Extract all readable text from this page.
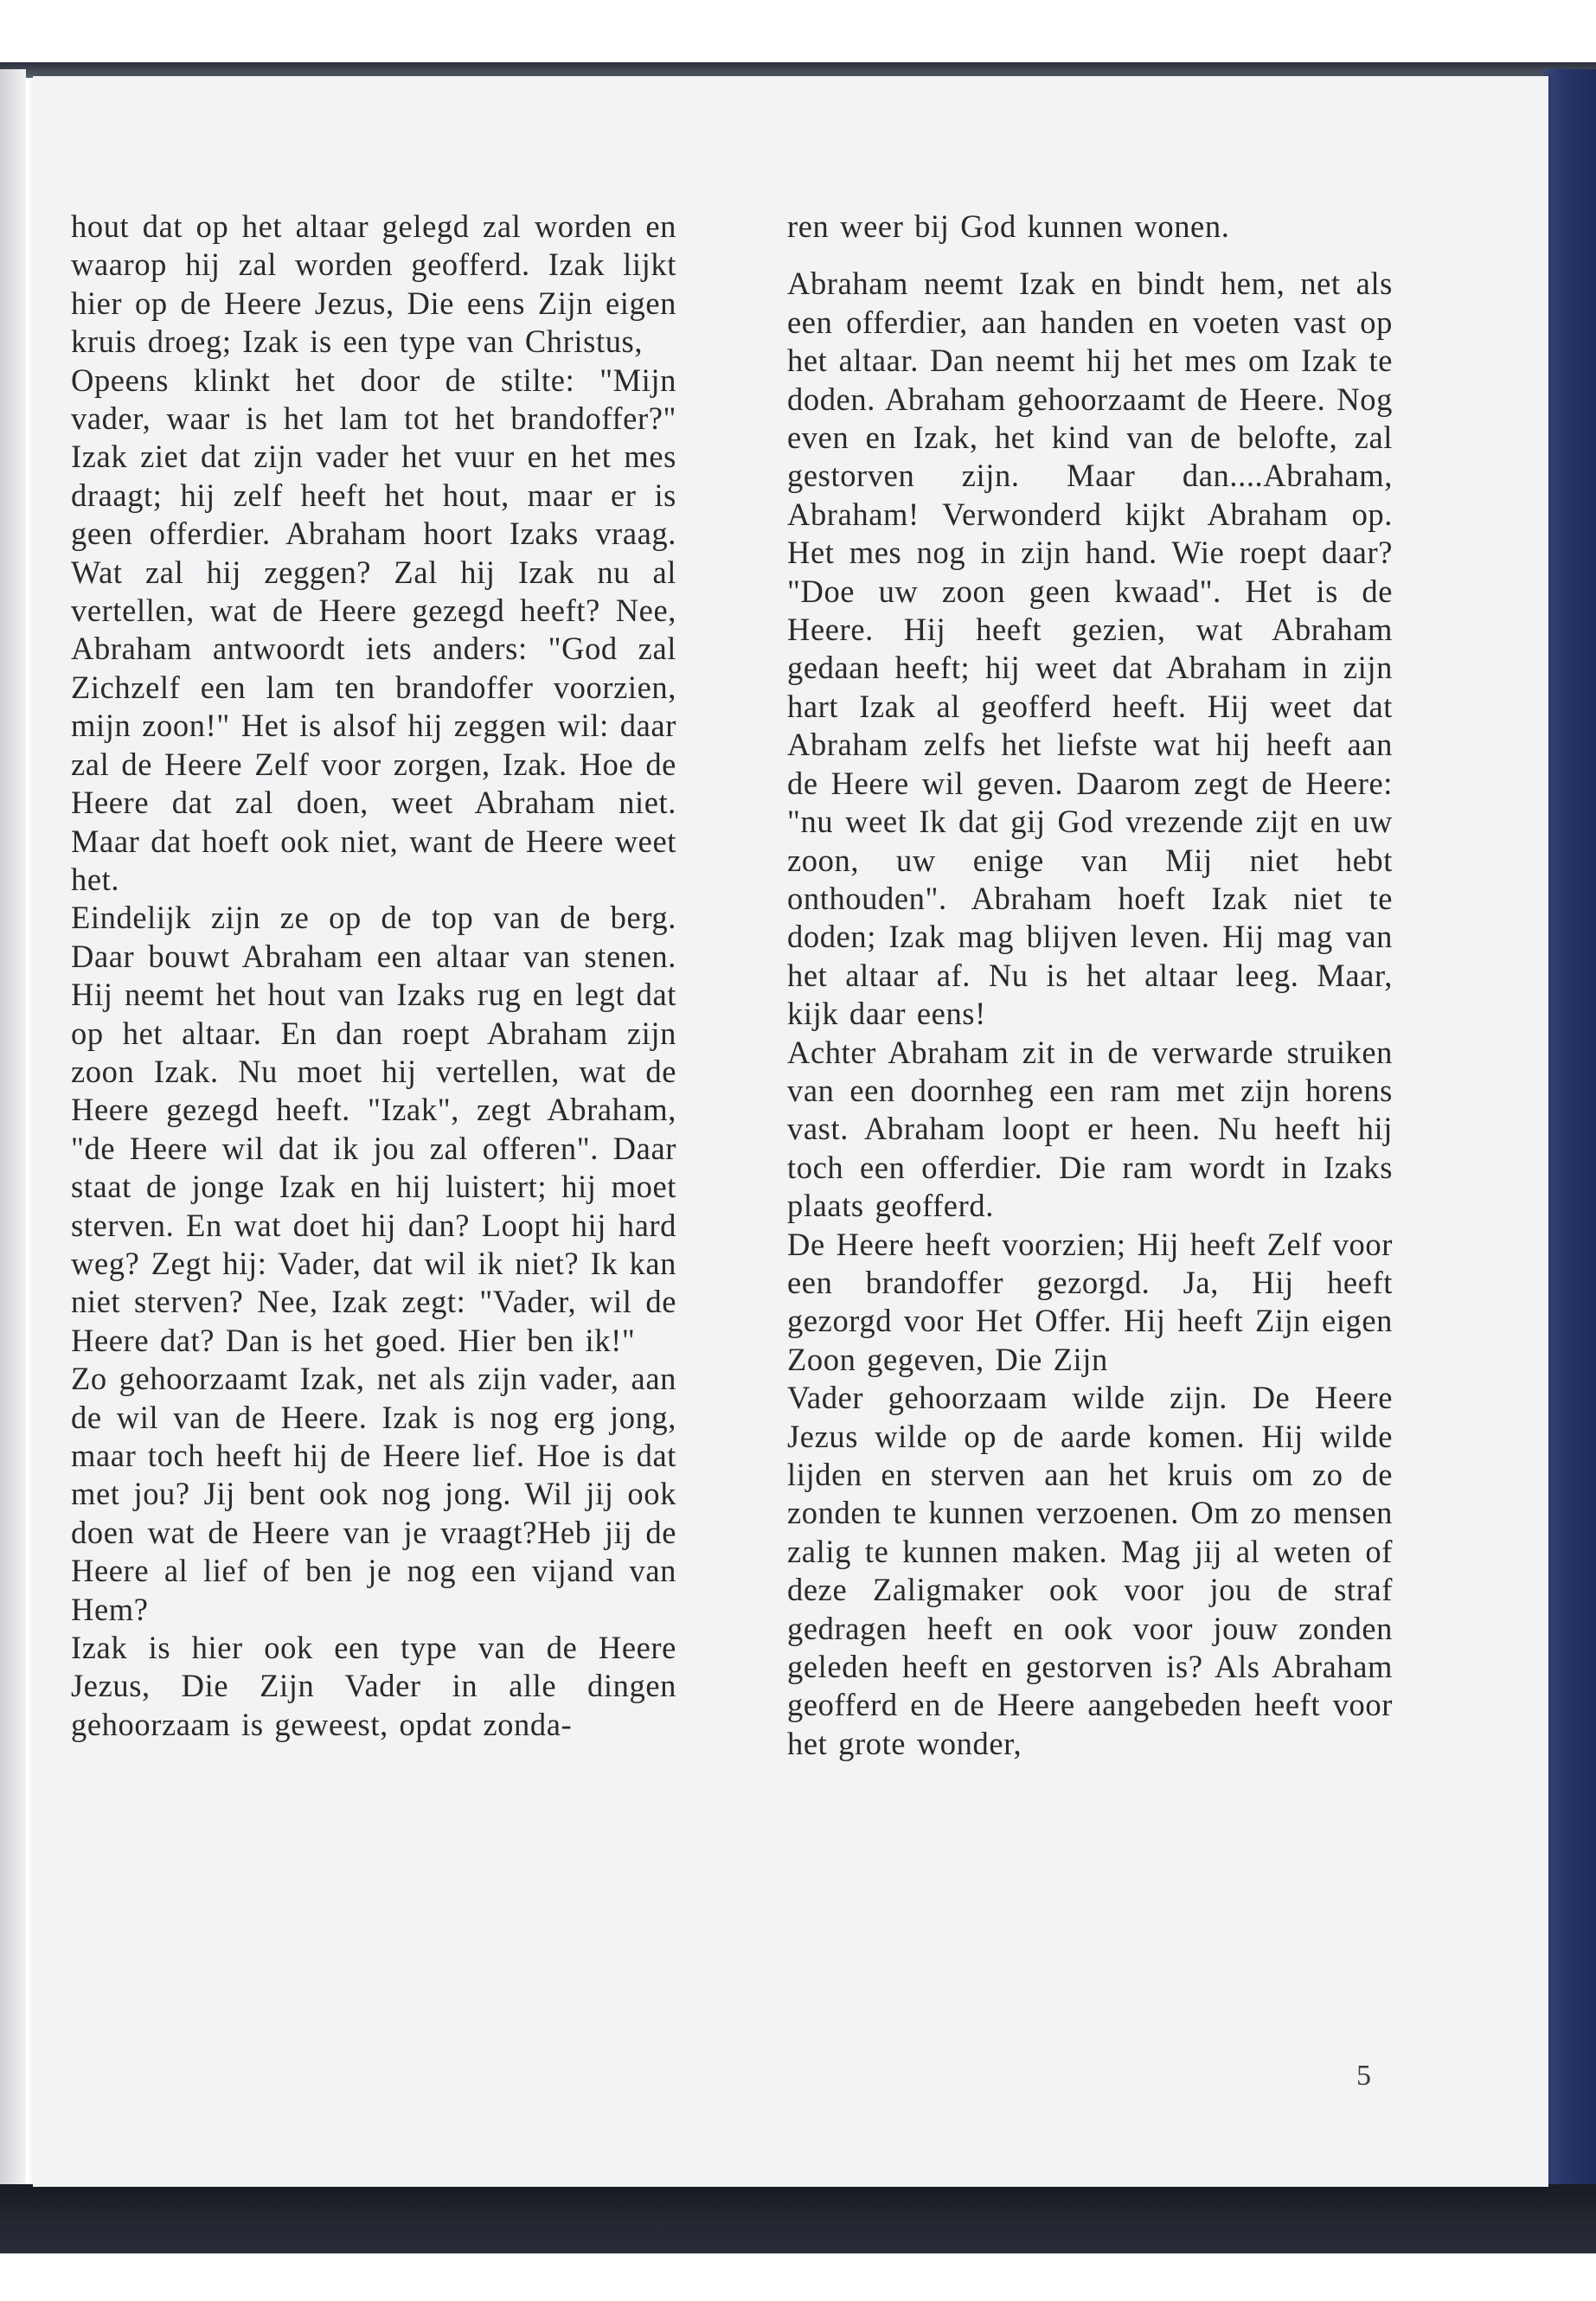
hout dat op het altaar gelegd zal worden en waarop hij zal worden geofferd. Izak lijkt hier op de Heere Jezus, Die eens Zijn eigen kruis droeg; Izak is een type van Christus,

Opeens klinkt het door de stilte: "Mijn vader, waar is het lam tot het brandoffer?" Izak ziet dat zijn vader het vuur en het mes draagt; hij zelf heeft het hout, maar er is geen offerdier. Abraham hoort Izaks vraag. Wat zal hij zeggen? Zal hij Izak nu al vertellen, wat de Heere gezegd heeft? Nee, Abraham antwoordt iets anders: "God zal Zichzelf een lam ten brandoffer voorzien, mijn zoon!" Het is alsof hij zeggen wil: daar zal de Heere Zelf voor zorgen, Izak. Hoe de Heere dat zal doen, weet Abraham niet. Maar dat hoeft ook niet, want de Heere weet het.

Eindelijk zijn ze op de top van de berg. Daar bouwt Abraham een altaar van stenen. Hij neemt het hout van Izaks rug en legt dat op het altaar. En dan roept Abraham zijn zoon Izak. Nu moet hij vertellen, wat de Heere gezegd heeft. "Izak", zegt Abraham, "de Heere wil dat ik jou zal offeren". Daar staat de jonge Izak en hij luistert; hij moet sterven. En wat doet hij dan? Loopt hij hard weg? Zegt hij: Vader, dat wil ik niet? Ik kan niet sterven? Nee, Izak zegt: "Vader, wil de Heere dat? Dan is het goed. Hier ben ik!"

Zo gehoorzaamt Izak, net als zijn vader, aan de wil van de Heere. Izak is nog erg jong, maar toch heeft hij de Heere lief. Hoe is dat met jou? Jij bent ook nog jong. Wil jij ook doen wat de Heere van je vraagt?Heb jij de Heere al lief of ben je nog een vijand van Hem?

Izak is hier ook een type van de Heere Jezus, Die Zijn Vader in alle dingen gehoorzaam is geweest, opdat zonda-

ren weer bij God kunnen wonen.

Abraham neemt Izak en bindt hem, net als een offerdier, aan handen en voeten vast op het altaar. Dan neemt hij het mes om Izak te doden. Abraham gehoorzaamt de Heere. Nog even en Izak, het kind van de belofte, zal gestorven zijn. Maar dan....Abraham, Abraham! Verwonderd kijkt Abraham op. Het mes nog in zijn hand. Wie roept daar? "Doe uw zoon geen kwaad". Het is de Heere. Hij heeft gezien, wat Abraham gedaan heeft; hij weet dat Abraham in zijn hart Izak al geofferd heeft. Hij weet dat Abraham zelfs het liefste wat hij heeft aan de Heere wil geven. Daarom zegt de Heere: "nu weet Ik dat gij God vrezende zijt en uw zoon, uw enige van Mij niet hebt onthouden". Abraham hoeft Izak niet te doden; Izak mag blijven leven. Hij mag van het altaar af. Nu is het altaar leeg. Maar, kijk daar eens!

Achter Abraham zit in de verwarde struiken van een doornheg een ram met zijn horens vast. Abraham loopt er heen. Nu heeft hij toch een offerdier. Die ram wordt in Izaks plaats geofferd.

De Heere heeft voorzien; Hij heeft Zelf voor een brandoffer gezorgd. Ja, Hij heeft gezorgd voor Het Offer. Hij heeft Zijn eigen Zoon gegeven, Die Zijn

Vader gehoorzaam wilde zijn. De Heere Jezus wilde op de aarde komen. Hij wilde lijden en sterven aan het kruis om zo de zonden te kunnen verzoenen. Om zo mensen zalig te kunnen maken. Mag jij al weten of deze Zaligmaker ook voor jou de straf gedragen heeft en ook voor jouw zonden geleden heeft en gestorven is? Als Abraham geofferd en de Heere aangebeden heeft voor het grote wonder,

5
